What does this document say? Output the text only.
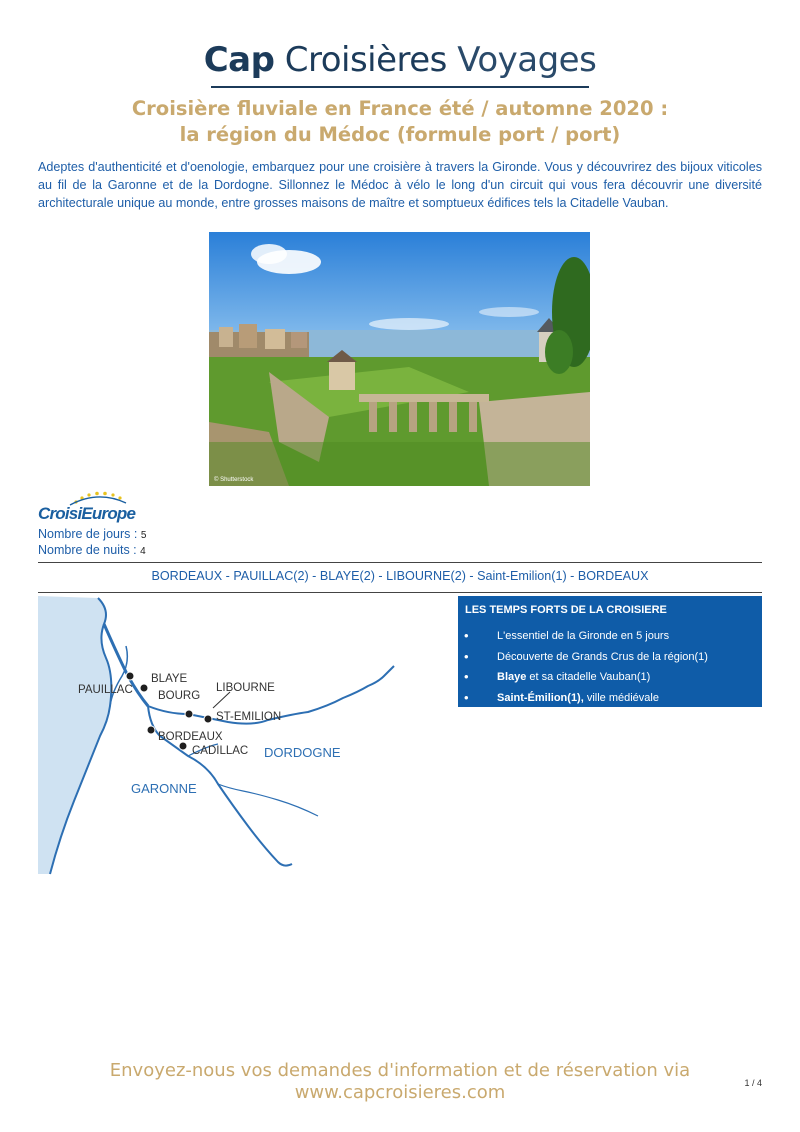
Cap Croisières Voyages
Croisière fluviale en France été / automne 2020 :
la région du Médoc (formule port / port)
Adeptes d'authenticité et d'oenologie, embarquez pour une croisière à travers la Gironde. Vous y découvrirez des bijoux viticoles au fil de la Garonne et de la Dordogne. Sillonnez le Médoc à vélo le long d'un circuit qui vous fera découvrir une diversité architecturale unique au monde, entre grosses maisons de maître et somptueux édifices tels la Citadelle Vauban.
© Shutterstock
CroisiEurope
Nombre de jours : 5
Nombre de nuits : 4
BORDEAUX - PAUILLAC(2) - BLAYE(2) - LIBOURNE(2) - Saint-Emilion(1) - BORDEAUX
PAUILLAC
BLAYE
BOURG
LIBOURNE
ST-EMILION
BORDEAUX
CADILLAC DORDOGNE
GARONNE
LES TEMPS FORTS DE LA CROISIERE
•	L'essentiel de la Gironde en 5 jours
•	Découverte de Grands Crus de la région(1)
•	Blaye et sa citadelle Vauban(1)
•	Saint-Émilion(1), ville médiévale
Envoyez-nous vos demandes d'information et de réservation via
www.capcroisieres.com	1 / 4
